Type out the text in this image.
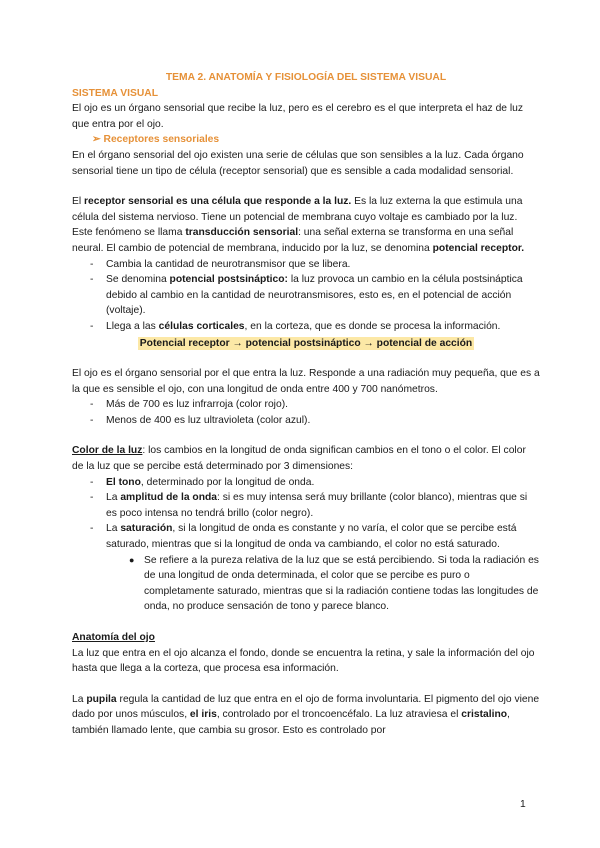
TEMA 2. ANATOMÍA Y FISIOLOGÍA DEL SISTEMA VISUAL

SISTEMA VISUAL

El ojo es un órgano sensorial que recibe la luz, pero es el cerebro es el que interpreta el haz de luz que entra por el ojo.

➢ Receptores sensoriales

En el órgano sensorial del ojo existen una serie de células que son sensibles a la luz. Cada órgano sensorial tiene un tipo de célula (receptor sensorial) que es sensible a cada modalidad sensorial.

El receptor sensorial es una célula que responde a la luz. Es la luz externa la que estimula una célula del sistema nervioso. Tiene un potencial de membrana cuyo voltaje es cambiado por la luz. Este fenómeno se llama transducción sensorial: una señal externa se transforma en una señal neural. El cambio de potencial de membrana, inducido por la luz, se denomina potencial receptor.

- Cambia la cantidad de neurotransmisor que se libera.
- Se denomina potencial postsináptico: la luz provoca un cambio en la célula postsináptica debido al cambio en la cantidad de neurotransmisores, esto es, en el potencial de acción (voltaje).
- Llega a las células corticales, en la corteza, que es donde se procesa la información.
Potencial receptor → potencial postsináptico → potencial de acción

El ojo es el órgano sensorial por el que entra la luz. Responde a una radiación muy pequeña, que es a la que es sensible el ojo, con una longitud de onda entre 400 y 700 nanómetros.

- Más de 700 es luz infrarroja (color rojo).
- Menos de 400 es luz ultravioleta (color azul).

Color de la luz: los cambios en la longitud de onda significan cambios en el tono o el color. El color de la luz que se percibe está determinado por 3 dimensiones:

- El tono, determinado por la longitud de onda.
- La amplitud de la onda: si es muy intensa será muy brillante (color blanco), mientras que si es poco intensa no tendrá brillo (color negro).
- La saturación, si la longitud de onda es constante y no varía, el color que se percibe está saturado, mientras que si la longitud de onda va cambiando, el color no está saturado.
● Se refiere a la pureza relativa de la luz que se está percibiendo. Si toda la radiación es de una longitud de onda determinada, el color que se percibe es puro o completamente saturado, mientras que si la radiación contiene todas las longitudes de onda, no produce sensación de tono y parece blanco.

Anatomía del ojo

La luz que entra en el ojo alcanza el fondo, donde se encuentra la retina, y sale la información del ojo hasta que llega a la corteza, que procesa esa información.

La pupila regula la cantidad de luz que entra en el ojo de forma involuntaria. El pigmento del ojo viene dado por unos músculos, el iris, controlado por el troncoencéfalo. La luz atraviesa el cristalino, también llamado lente, que cambia su grosor. Esto es controlado por

1
